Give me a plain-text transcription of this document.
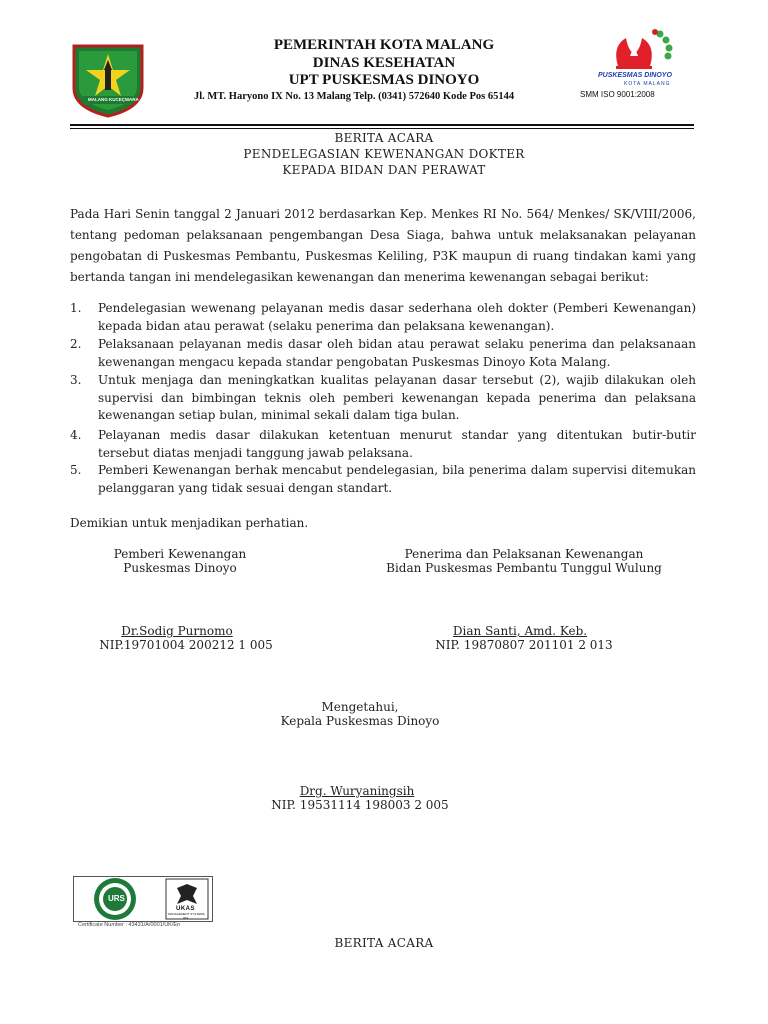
MALANG KUCEÇWARA
PEMERINTAH KOTA MALANG
DINAS KESEHATAN
UPT PUSKESMAS DINOYO
Jl. MT. Haryono IX No. 13 Malang Telp. (0341) 572640 Kode Pos 65144
PUSKESMAS DINOYO
KOTA MALANG
SMM ISO 9001:2008
BERITA ACARA
PENDELEGASIAN KEWENANGAN DOKTER
KEPADA BIDAN DAN PERAWAT
Pada Hari Senin tanggal 2 Januari 2012 berdasarkan Kep. Menkes RI No. 564/ Menkes/ SK/VIII/2006, tentang pedoman pelaksanaan pengembangan Desa Siaga, bahwa untuk melaksanakan pelayanan pengobatan di Puskesmas Pembantu, Puskesmas Keliling, P3K maupun di ruang tindakan kami yang bertanda tangan ini mendelegasikan kewenangan dan menerima kewenangan sebagai berikut:
1. Pendelegasian wewenang pelayanan medis dasar sederhana oleh dokter (Pemberi Kewenangan) kepada bidan atau perawat (selaku penerima dan pelaksana kewenangan).
2. Pelaksanaan pelayanan medis dasar oleh bidan atau perawat selaku penerima dan pelaksanaan kewenangan mengacu kepada standar pengobatan Puskesmas Dinoyo Kota Malang.
3. Untuk menjaga dan meningkatkan kualitas pelayanan dasar tersebut (2), wajib dilakukan oleh supervisi dan bimbingan teknis oleh pemberi kewenangan kepada penerima dan pelaksana kewenangan setiap bulan, minimal sekali dalam tiga bulan.
4. Pelayanan medis dasar dilakukan ketentuan menurut standar yang ditentukan butir-butir tersebut diatas menjadi tanggung jawab pelaksana.
5. Pemberi Kewenangan berhak mencabut pendelegasian, bila penerima dalam supervisi ditemukan pelanggaran yang tidak sesuai dengan standart.
Demikian untuk menjadikan perhatian.
Pemberi Kewenangan
Puskesmas Dinoyo
Dr.Sodig Purnomo
NIP.19701004 200212 1 005
Penerima dan Pelaksanan Kewenangan
Bidan Puskesmas Pembantu Tunggul Wulung
Dian Santi, Amd. Keb.
NIP. 19870807 201101 2 013
Mengetahui,
Kepala Puskesmas Dinoyo
Drg. Wuryaningsih
NIP. 19531114 198003 2 005
URS
UKAS
MANAGEMENT SYSTEMS
003
Certificate Number : 43431/A/0001/UK/En
BERITA ACARA
